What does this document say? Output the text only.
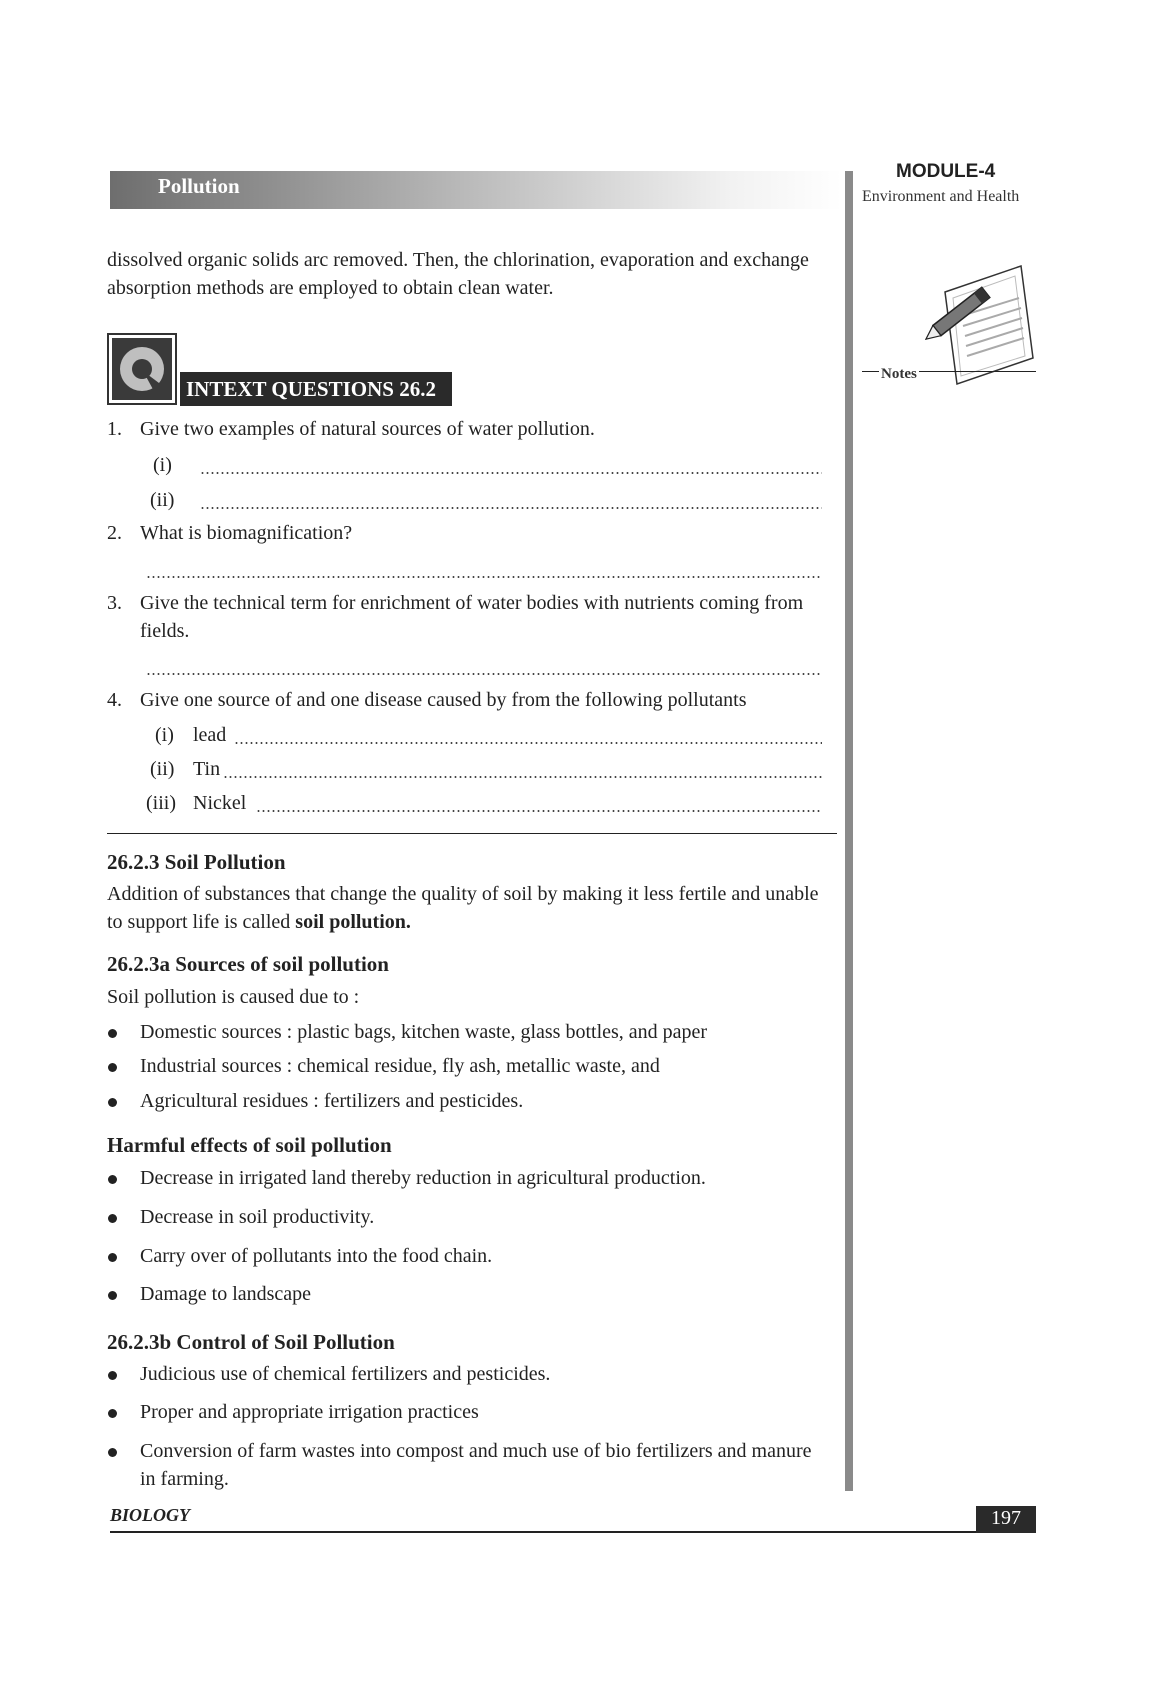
Pollution
MODULE-4
Environment and Health
Notes
dissolved organic solids arc removed. Then, the chlorination, evaporation and exchange absorption methods are employed to obtain clean water.
INTEXT QUESTIONS 26.2
1. Give two examples of natural sources of water pollution.
(i)
(ii)
2. What is biomagnification?
3. Give the technical term for enrichment of water bodies with nutrients coming from
fields.
4. Give one source of and one disease caused by from the following pollutants
(i) lead
(ii) Tin
(iii) Nickel
26.2.3 Soil Pollution
Addition of substances that change the quality of soil by making it less fertile and unable
to support life is called soil pollution.
26.2.3a Sources of soil pollution
Soil pollution is caused due to :
Domestic sources : plastic bags, kitchen waste, glass bottles, and paper
Industrial sources : chemical residue, fly ash, metallic waste, and
Agricultural residues : fertilizers and pesticides.
Harmful effects of soil pollution
Decrease in irrigated land thereby reduction in agricultural production.
Decrease in soil productivity.
Carry over of pollutants into the food chain.
Damage to landscape
26.2.3b Control of Soil Pollution
Judicious use of chemical fertilizers and pesticides.
Proper and appropriate irrigation practices
Conversion of farm wastes into compost and much use of bio fertilizers and manure
in farming.
BIOLOGY	197
